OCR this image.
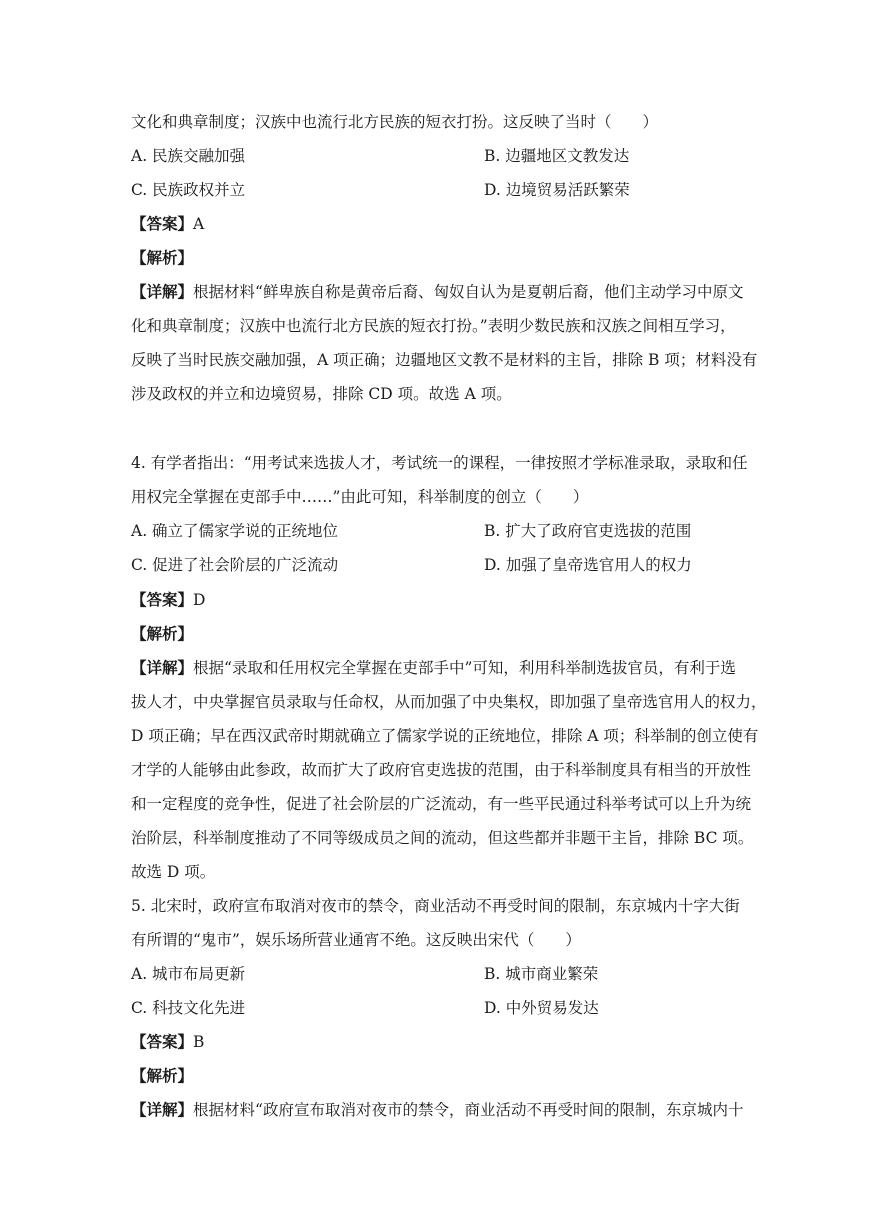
文化和典章制度；汉族中也流行北方民族的短衣打扮。这反映了当时（　　）
A. 民族交融加强	B. 边疆地区文教发达
C. 民族政权并立	D. 边境贸易活跃繁荣
【答案】A
【解析】
【详解】根据材料“鲜卑族自称是黄帝后裔、匈奴自认为是夏朝后裔，他们主动学习中原文
化和典章制度；汉族中也流行北方民族的短衣打扮。”表明少数民族和汉族之间相互学习，
反映了当时民族交融加强，A 项正确；边疆地区文教不是材料的主旨，排除 B 项；材料没有
涉及政权的并立和边境贸易，排除 CD 项。故选 A 项。
4. 有学者指出：“用考试来选拔人才，考试统一的课程，一律按照才学标准录取，录取和任
用权完全掌握在吏部手中……”由此可知，科举制度的创立（　　）
A. 确立了儒家学说的正统地位	B. 扩大了政府官吏选拔的范围
C. 促进了社会阶层的广泛流动	D. 加强了皇帝选官用人的权力
【答案】D
【解析】
【详解】根据“录取和任用权完全掌握在吏部手中”可知，利用科举制选拔官员，有利于选
拔人才，中央掌握官员录取与任命权，从而加强了中央集权，即加强了皇帝选官用人的权力，
D 项正确；早在西汉武帝时期就确立了儒家学说的正统地位，排除 A 项；科举制的创立使有
才学的人能够由此参政，故而扩大了政府官吏选拔的范围，由于科举制度具有相当的开放性
和一定程度的竞争性，促进了社会阶层的广泛流动，有一些平民通过科举考试可以上升为统
治阶层，科举制度推动了不同等级成员之间的流动，但这些都并非题干主旨，排除 BC 项。
故选 D 项。
5. 北宋时，政府宣布取消对夜市的禁令，商业活动不再受时间的限制，东京城内十字大街
有所谓的“鬼市”，娱乐场所营业通宵不绝。这反映出宋代（　　）
A. 城市布局更新	B. 城市商业繁荣
C. 科技文化先进	D. 中外贸易发达
【答案】B
【解析】
【详解】根据材料“政府宣布取消对夜市的禁令，商业活动不再受时间的限制，东京城内十
